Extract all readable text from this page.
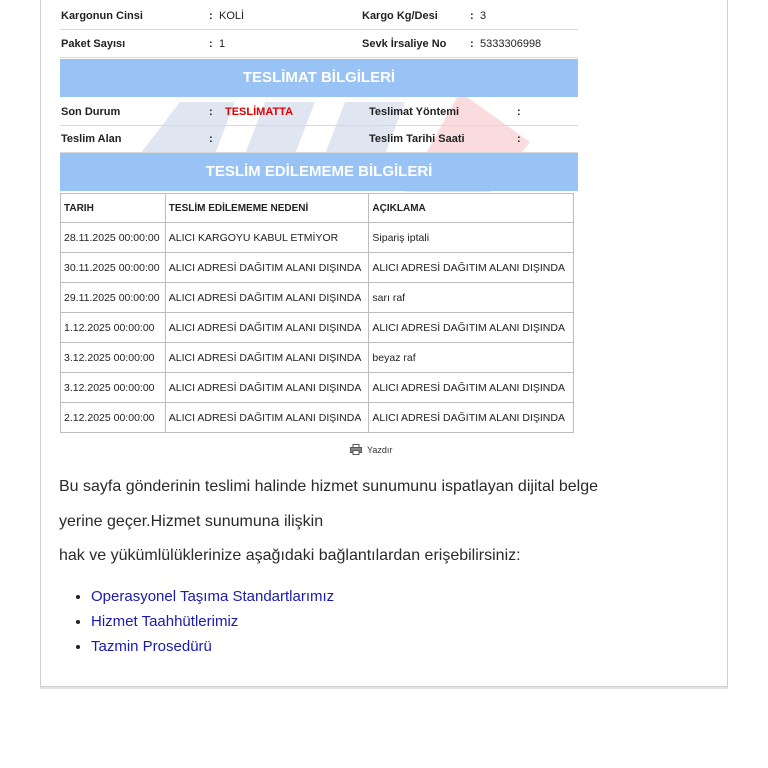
Kargonun Cinsi	: KOLİ	Kargo Kg/Desi	: 3
Paket Sayısı	: 1	Sevk İrsaliye No : 5333306998
TESLİMAT BİLGİLERİ
Son Durum	: TESLİMATTA	Teslimat Yöntemi	:
Teslim Alan	:	Teslim Tarihi Saati	:
TESLİM EDİLEMEME BİLGİLERİ
TARIH	TESLİM EDİLEMEME NEDENİ	AÇIKLAMA
28.11.2025 00:00:00	ALICI KARGOYU KABUL ETMİYOR	Sipariş iptali
30.11.2025 00:00:00	ALICI ADRESİ DAĞITIM ALANI DIŞINDA	ALICI ADRESİ DAĞITIM ALANI DIŞINDA
29.11.2025 00:00:00	ALICI ADRESİ DAĞITIM ALANI DIŞINDA	sarı raf
1.12.2025 00:00:00	ALICI ADRESİ DAĞITIM ALANI DIŞINDA	ALICI ADRESİ DAĞITIM ALANI DIŞINDA
3.12.2025 00:00:00	ALICI ADRESİ DAĞITIM ALANI DIŞINDA	beyaz raf
3.12.2025 00:00:00	ALICI ADRESİ DAĞITIM ALANI DIŞINDA	ALICI ADRESİ DAĞITIM ALANI DIŞINDA
2.12.2025 00:00:00	ALICI ADRESİ DAĞITIM ALANI DIŞINDA	ALICI ADRESİ DAĞITIM ALANI DIŞINDA
Yazdır
Bu sayfa gönderinin teslimi halinde hizmet sunumunu ispatlayan dijital belge
yerine geçer.Hizmet sunumuna ilişkin
hak ve yükümlülüklerinize aşağıdaki bağlantılardan erişebilirsiniz:
• Operasyonel Taşıma Standartlarımız
• Hizmet Taahhütlerimiz
• Tazmin Prosedürü
